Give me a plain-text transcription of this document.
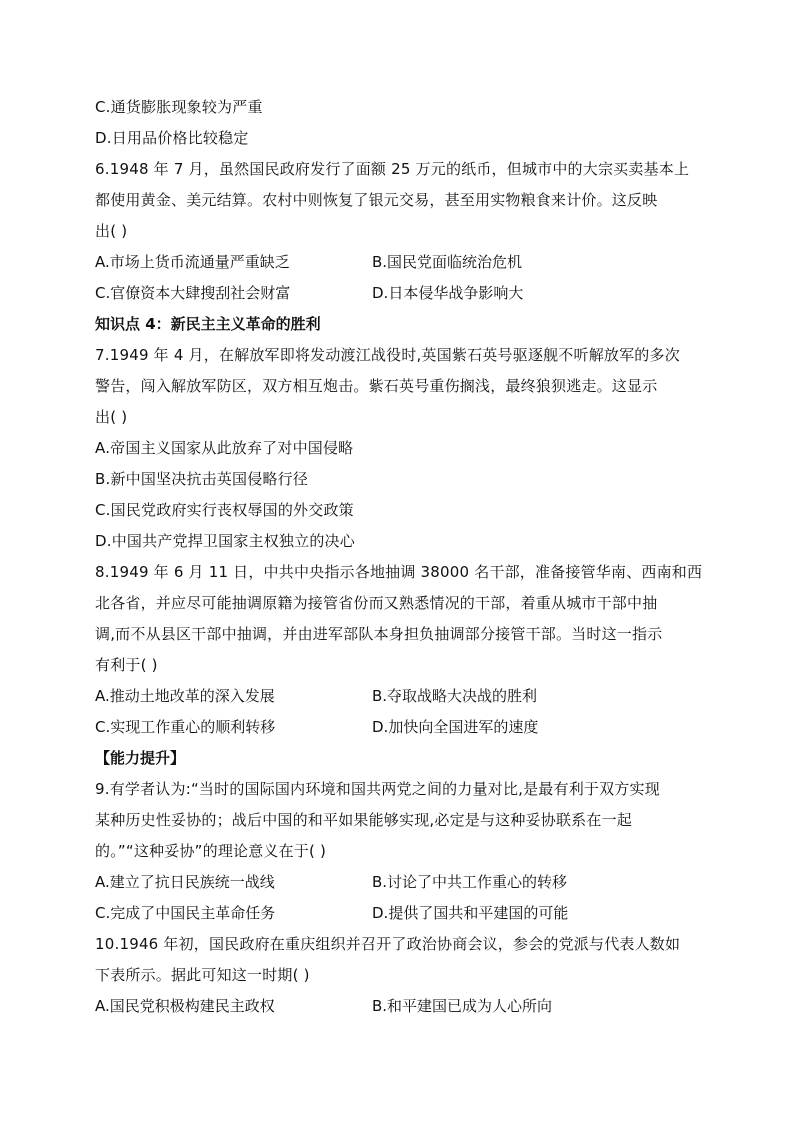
C.通货膨胀现象较为严重
D.日用品价格比较稳定
6.1948 年 7 月，虽然国民政府发行了面额 25 万元的纸币，但城市中的大宗买卖基本上
都使用黄金、美元结算。农村中则恢复了银元交易，甚至用实物粮食来计价。这反映
出( )
A.市场上货币流通量严重缺乏	B.国民党面临统治危机
C.官僚资本大肆搜刮社会财富	D.日本侵华战争影响大
知识点 4：新民主主义革命的胜利
7.1949 年 4 月，在解放军即将发动渡江战役时,英国紫石英号驱逐舰不听解放军的多次
警告，闯入解放军防区，双方相互炮击。紫石英号重伤搁浅，最终狼狈逃走。这显示
出( )
A.帝国主义国家从此放弃了对中国侵略
B.新中国坚决抗击英国侵略行径
C.国民党政府实行丧权辱国的外交政策
D.中国共产党捍卫国家主权独立的决心
8.1949 年 6 月 11 日，中共中央指示各地抽调 38000 名干部，准备接管华南、西南和西
北各省，并应尽可能抽调原籍为接管省份而又熟悉情况的干部，着重从城市干部中抽
调,而不从县区干部中抽调，并由进军部队本身担负抽调部分接管干部。当时这一指示
有利于( )
A.推动土地改革的深入发展	B.夺取战略大决战的胜利
C.实现工作重心的顺利转移	D.加快向全国进军的速度
【能力提升】
9.有学者认为:“当时的国际国内环境和国共两党之间的力量对比,是最有利于双方实现
某种历史性妥协的；战后中国的和平如果能够实现,必定是与这种妥协联系在一起
的。”“这种妥协”的理论意义在于( )
A.建立了抗日民族统一战线	B.讨论了中共工作重心的转移
C.完成了中国民主革命任务	D.提供了国共和平建国的可能
10.1946 年初，国民政府在重庆组织并召开了政治协商会议，参会的党派与代表人数如
下表所示。据此可知这一时期( )
A.国民党积极构建民主政权	B.和平建国已成为人心所向
